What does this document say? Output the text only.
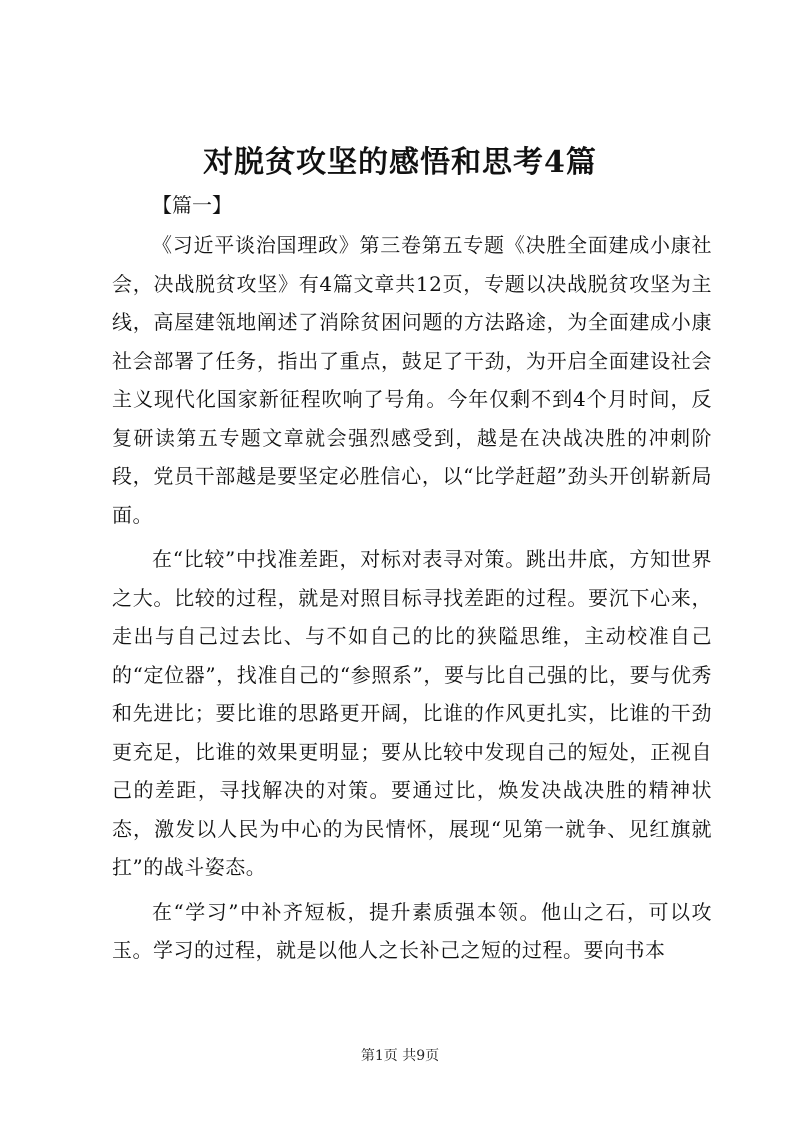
对脱贫攻坚的感悟和思考4篇
【篇一】

《习近平谈治国理政》第三卷第五专题《决胜全面建成小康社会，决战脱贫攻坚》有4篇文章共12页，专题以决战脱贫攻坚为主线，高屋建瓴地阐述了消除贫困问题的方法路途，为全面建成小康社会部署了任务，指出了重点，鼓足了干劲，为开启全面建设社会主义现代化国家新征程吹响了号角。今年仅剩不到4个月时间，反复研读第五专题文章就会强烈感受到，越是在决战决胜的冲刺阶段，党员干部越是要坚定必胜信心，以“比学赶超”劲头开创崭新局面。

在“比较”中找准差距，对标对表寻对策。跳出井底，方知世界之大。比较的过程，就是对照目标寻找差距的过程。要沉下心来，走出与自己过去比、与不如自己的比的狭隘思维，主动校准自己的“定位器”，找准自己的“参照系”，要与比自己强的比，要与优秀和先进比；要比谁的思路更开阔，比谁的作风更扎实，比谁的干劲更充足，比谁的效果更明显；要从比较中发现自己的短处，正视自己的差距，寻找解决的对策。要通过比，焕发决战决胜的精神状态，激发以人民为中心的为民情怀，展现“见第一就争、见红旗就扛”的战斗姿态。

在“学习”中补齐短板，提升素质强本领。他山之石，可以攻玉。学习的过程，就是以他人之长补己之短的过程。要向书本

第1页 共9页
